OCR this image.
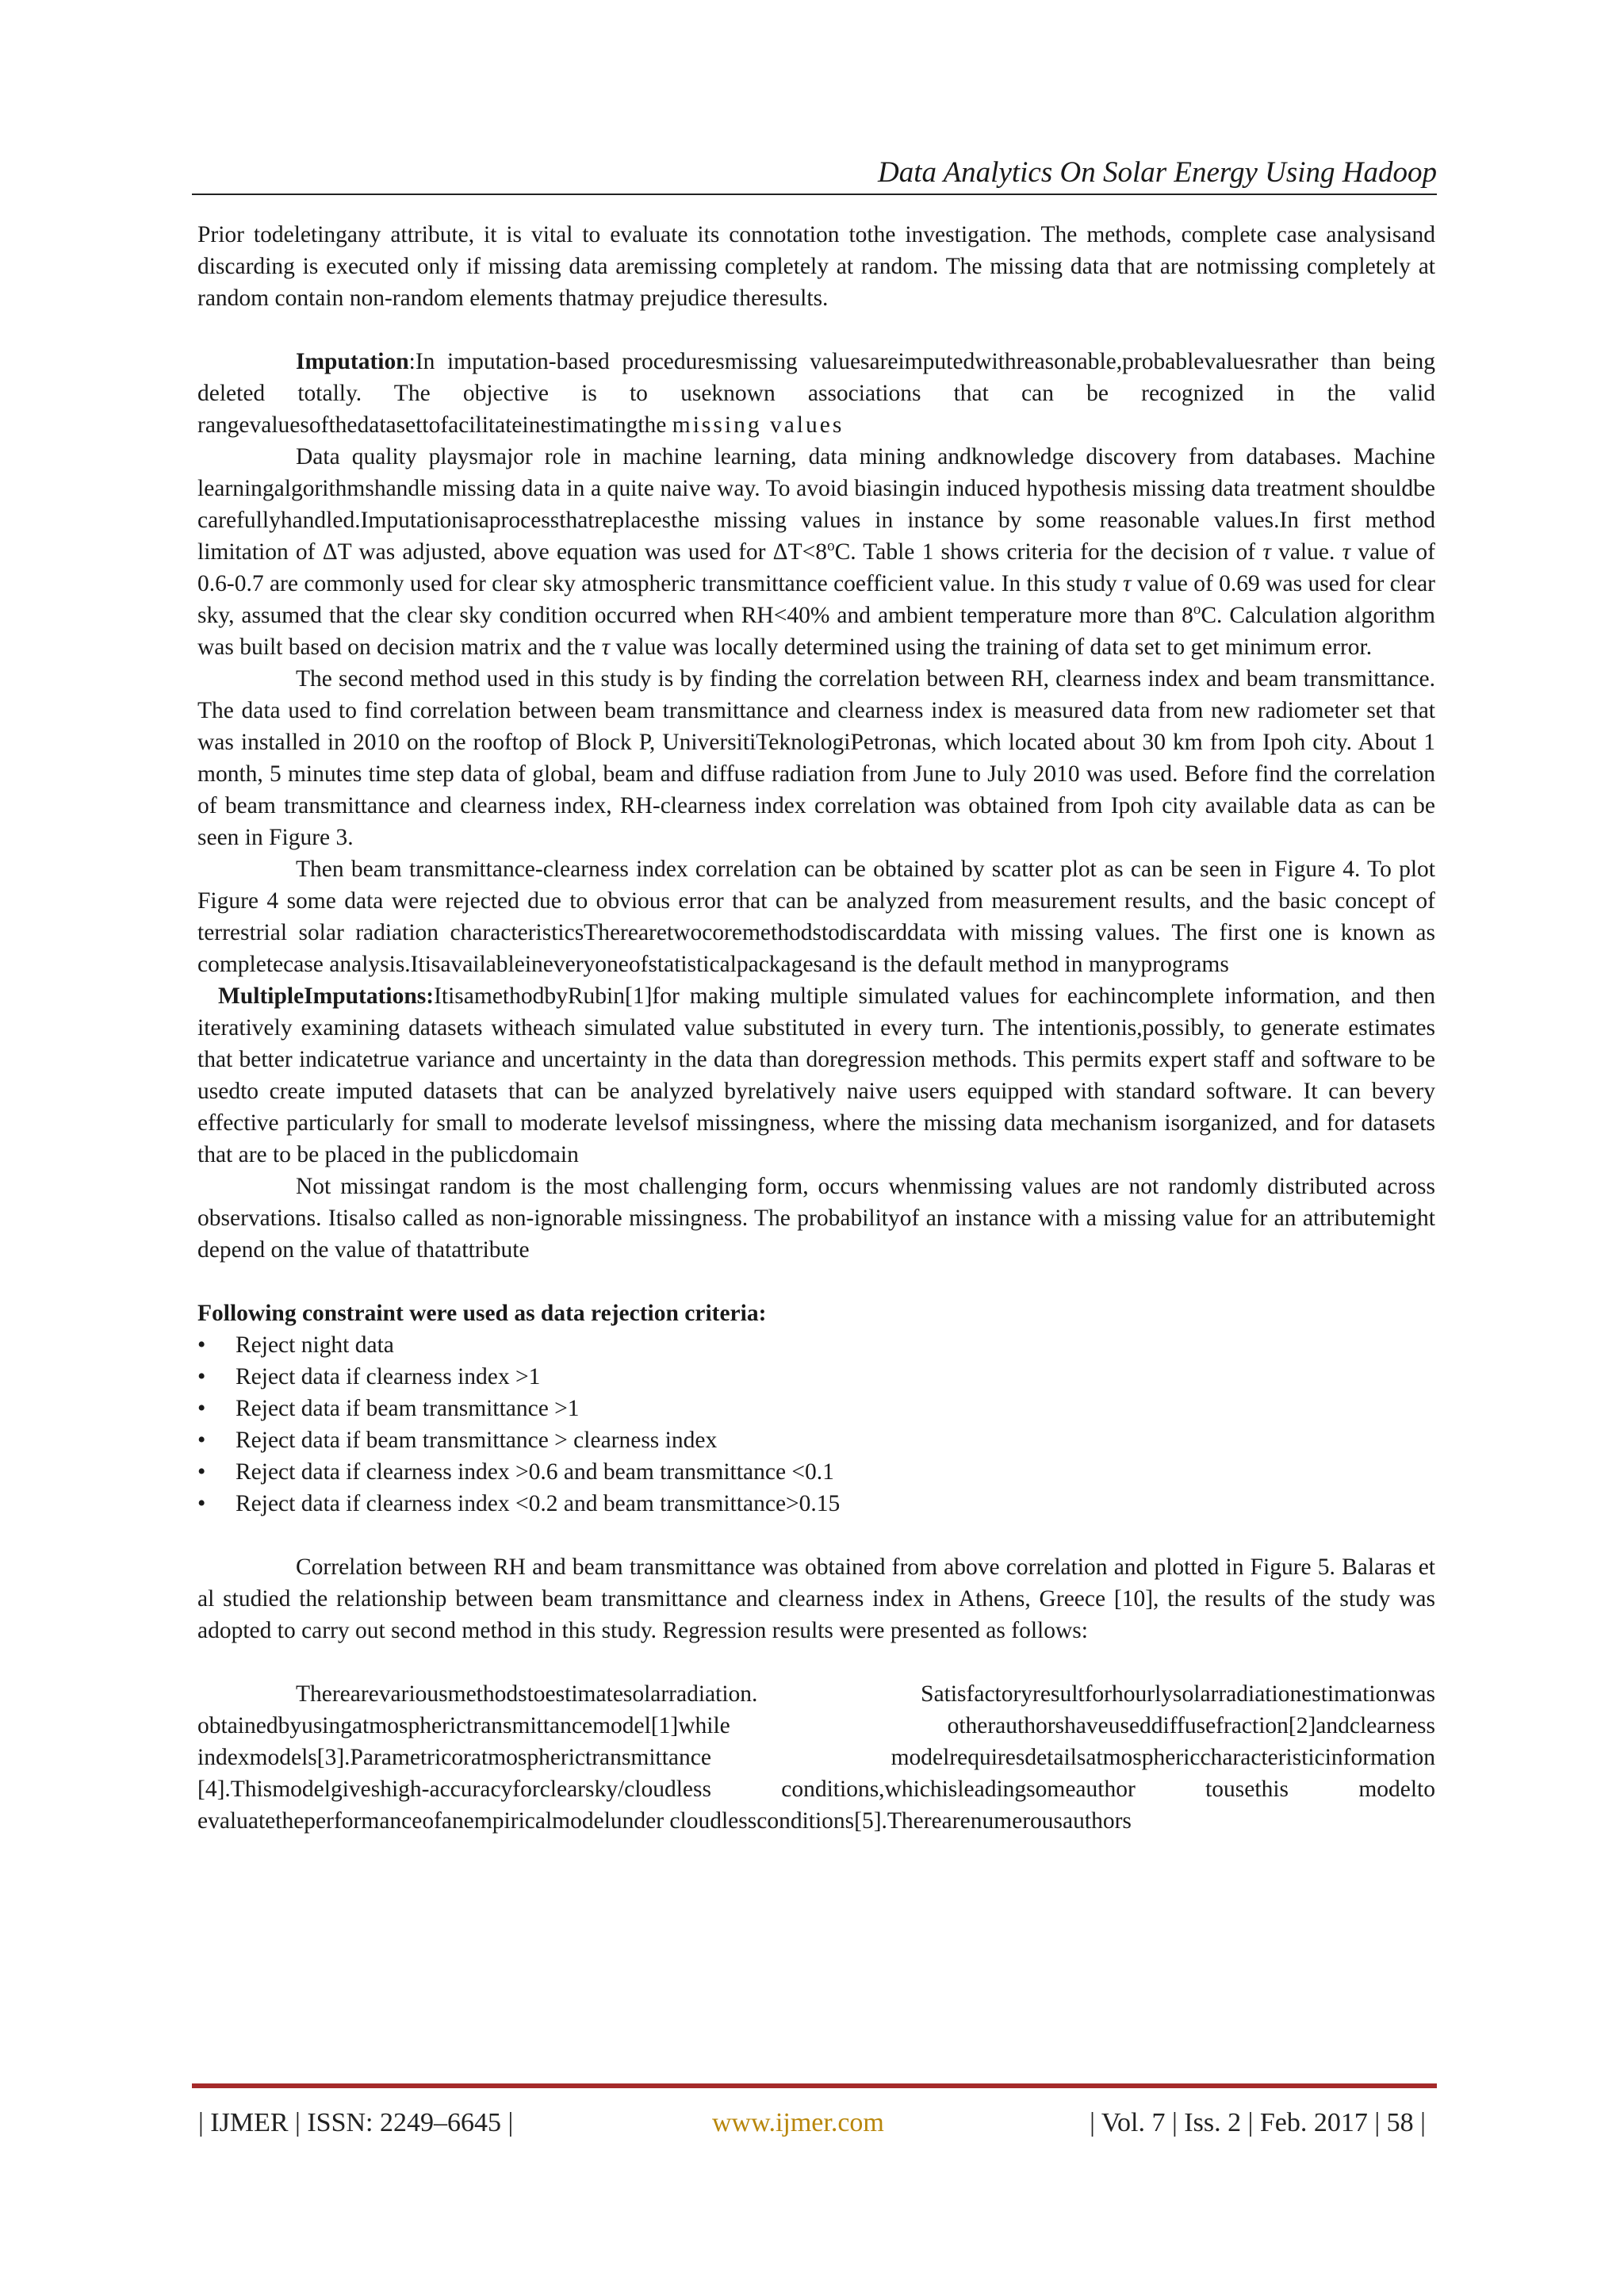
Data Analytics On Solar Energy Using Hadoop

Prior todeletingany attribute, it is vital to evaluate its connotation tothe investigation. The methods, complete case analysisand discarding is executed only if missing data aremissing completely at random. The missing data that are notmissing completely at random contain non-random elements thatmay prejudice theresults.

Imputation:In imputation-based proceduresmissing valuesareimputedwithreasonable,probablevaluesrather than being deleted totally. The objective is to useknown associations that can be recognized in the valid rangevaluesofthedatasettofacilitateinestimatingthe missing values

Data quality playsmajor role in machine learning, data mining andknowledge discovery from databases. Machine learningalgorithmshandle missing data in a quite naive way. To avoid biasingin induced hypothesis missing data treatment shouldbe carefullyhandled.Imputationisaprocessthatreplacesthe missing values in instance by some reasonable values.In first method limitation of ΔT was adjusted, above equation was used for $\Delta T<8^oC$. Table 1 shows criteria for the decision of τ value. τ value of 0.6-0.7 are commonly used for clear sky atmospheric transmittance coefficient value. In this study τ value of 0.69 was used for clear sky, assumed that the clear sky condition occurred when RH<40% and ambient temperature more than 8$^o$C. Calculation algorithm was built based on decision matrix and the τ value was locally determined using the training of data set to get minimum error.

The second method used in this study is by finding the correlation between RH, clearness index and beam transmittance. The data used to find correlation between beam transmittance and clearness index is measured data from new radiometer set that was installed in 2010 on the rooftop of Block P, UniversitiTeknologiPetronas, which located about 30 km from Ipoh city. About 1 month, 5 minutes time step data of global, beam and diffuse radiation from June to July 2010 was used. Before find the correlation of beam transmittance and clearness index, RH-clearness index correlation was obtained from Ipoh city available data as can be seen in Figure 3.

Then beam transmittance-clearness index correlation can be obtained by scatter plot as can be seen in Figure 4. To plot Figure 4 some data were rejected due to obvious error that can be analyzed from measurement results, and the basic concept of terrestrial solar radiation characteristicsTherearetwocoremethodstodiscarddata with missing values. The first one is known as completecase analysis.Itisavailableineveryoneofstatisticalpackagesand is the default method in manyprograms

MultipleImputations:ItisamethodbyRubin[1]for making multiple simulated values for eachincomplete information, and then iteratively examining datasets witheach simulated value substituted in every turn. The intentionis,possibly, to generate estimates that better indicatetrue variance and uncertainty in the data than doregression methods. This permits expert staff and software to be usedto create imputed datasets that can be analyzed byrelatively naive users equipped with standard software. It can bevery effective particularly for small to moderate levelsof missingness, where the missing data mechanism isorganized, and for datasets that are to be placed in the publicdomain

Not missingat random is the most challenging form, occurs whenmissing values are not randomly distributed across observations. Itisalso called as non-ignorable missingness. The probabilityof an instance with a missing value for an attributemight depend on the value of thatattribute

Following constraint were used as data rejection criteria:

• Reject night data
• Reject data if clearness index >1
• Reject data if beam transmittance >1
• Reject data if beam transmittance > clearness index
• Reject data if clearness index >0.6 and beam transmittance <0.1
• Reject data if clearness index <0.2 and beam transmittance>0.15

Correlation between RH and beam transmittance was obtained from above correlation and plotted in Figure 5. Balaras et al studied the relationship between beam transmittance and clearness index in Athens, Greece [10], the results of the study was adopted to carry out second method in this study. Regression results were presented as follows:

Therearevariousmethodstoestimatesolarradiation. Satisfactoryresultforhourlysolarradiationestimationwas obtainedbyusingatmospherictransmittancemodel[1]while otherauthorshaveuseddiffusefraction[2]andclearness indexmodels[3].Parametricoratmospherictransmittance modelrequiresdetailsatmosphericcharacteristicinformation [4].Thismodelgiveshigh-accuracyforclearsky/cloudless conditions,whichisleadingsomeauthor tousethis modelto evaluatetheperformanceofanempiricalmodelunder cloudlessconditions[5].Therearenumerousauthors

| IJMER | ISSN: 2249–6645 |	www.ijmer.com	| Vol. 7 | Iss. 2 | Feb. 2017 | 58 |
